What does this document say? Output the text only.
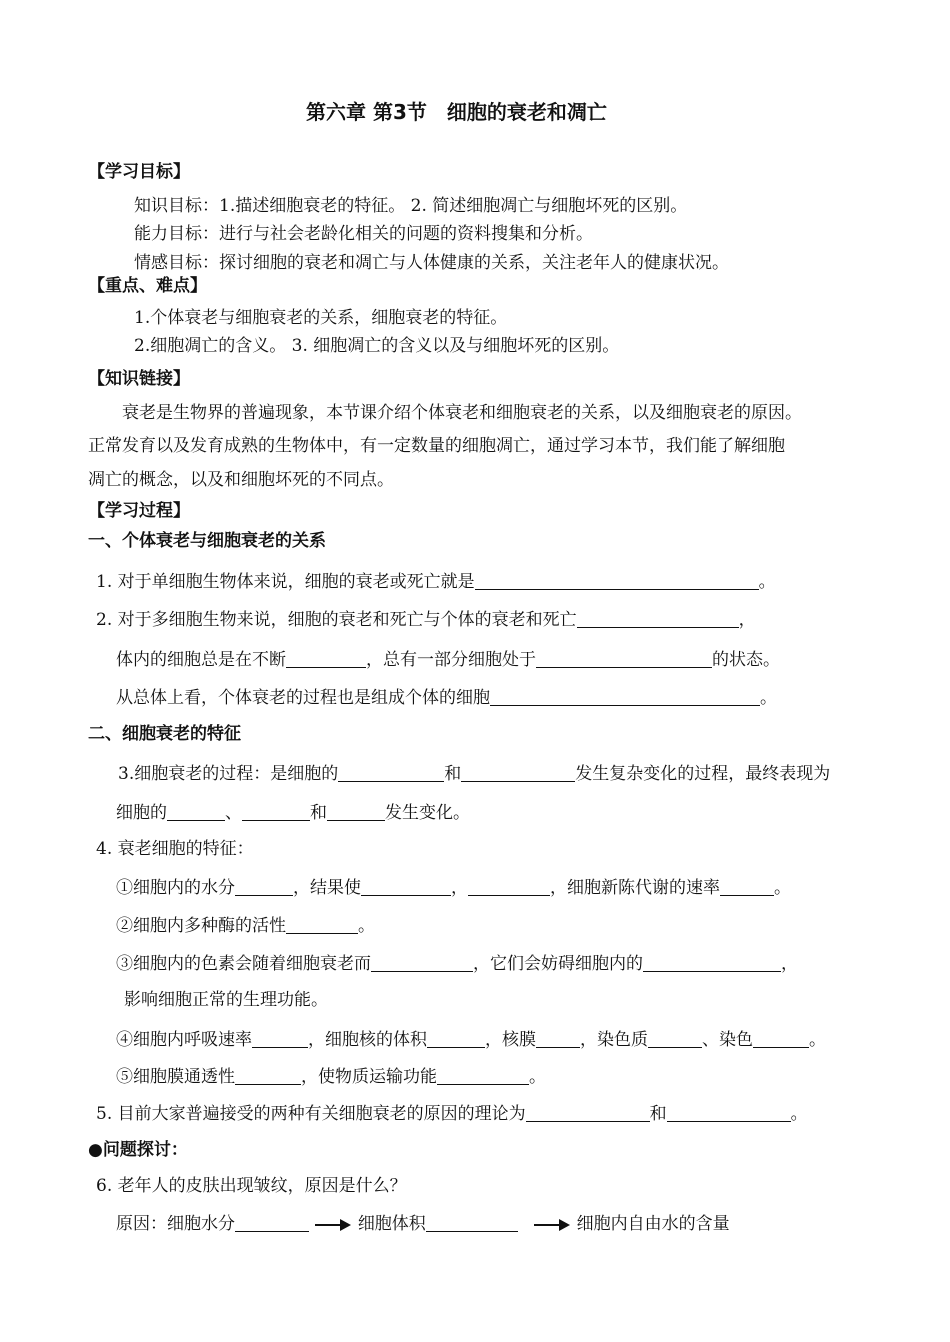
第六章 第3节　细胞的衰老和凋亡
【学习目标】
知识目标：1.描述细胞衰老的特征。 2. 简述细胞凋亡与细胞坏死的区别。
能力目标：进行与社会老龄化相关的问题的资料搜集和分析。
情感目标：探讨细胞的衰老和凋亡与人体健康的关系，关注老年人的健康状况。
【重点、难点】
1.个体衰老与细胞衰老的关系，细胞衰老的特征。
2.细胞凋亡的含义。 3. 细胞凋亡的含义以及与细胞坏死的区别。
【知识链接】
衰老是生物界的普遍现象，本节课介绍个体衰老和细胞衰老的关系，以及细胞衰老的原因。
正常发育以及发育成熟的生物体中，有一定数量的细胞凋亡，通过学习本节，我们能了解细胞
凋亡的概念，以及和细胞坏死的不同点。
【学习过程】
一、个体衰老与细胞衰老的关系
1. 对于单细胞生物体来说，细胞的衰老或死亡就是	。
2. 对于多细胞生物来说，细胞的衰老和死亡与个体的衰老和死亡	，
体内的细胞总是在不断	，总有一部分细胞处于	的状态。
从总体上看，个体衰老的过程也是组成个体的细胞	。
二、细胞衰老的特征
3.细胞衰老的过程：是细胞的	和	发生复杂变化的过程，最终表现为
细胞的	、	和	发生变化。
4. 衰老细胞的特征：
①细胞内的水分	，结果使	，	，细胞新陈代谢的速率	。
②细胞内多种酶的活性	。
③细胞内的色素会随着细胞衰老而	，它们会妨碍细胞内的	，
影响细胞正常的生理功能。
④细胞内呼吸速率	，细胞核的体积	，核膜	，染色质	、染色	。
⑤细胞膜通透性	，使物质运输功能	。
5. 目前大家普遍接受的两种有关细胞衰老的原因的理论为	和	。
●问题探讨：
6. 老年人的皮肤出现皱纹，原因是什么？
原因：细胞水分	细胞体积	细胞内自由水的含量
